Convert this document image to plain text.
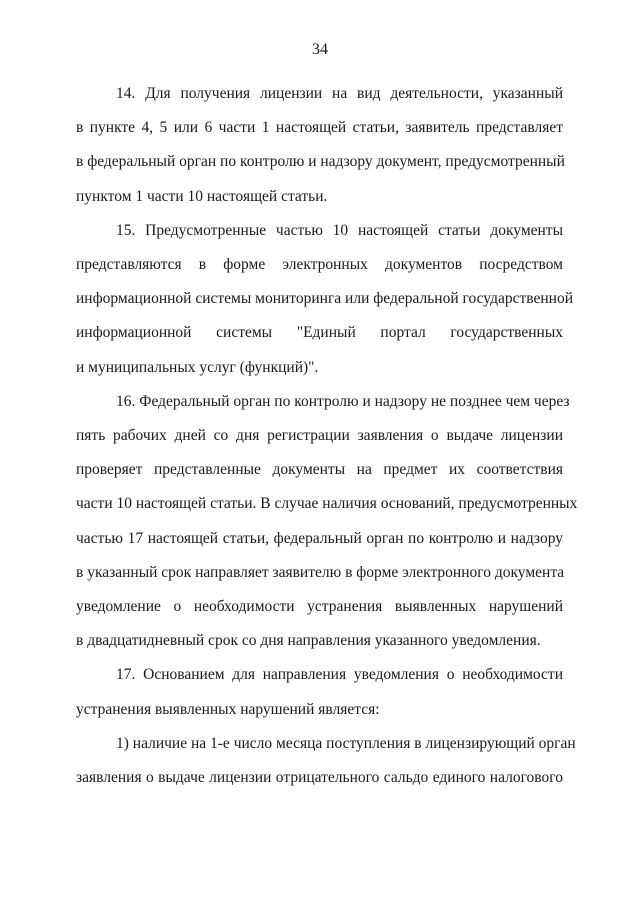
34
14. Для получения лицензии на вид деятельности, указанный
в пункте 4, 5 или 6 части 1 настоящей статьи, заявитель представляет
в федеральный орган по контролю и надзору документ, предусмотренный
пунктом 1 части 10 настоящей статьи.
15. Предусмотренные частью 10 настоящей статьи документы
представляются в форме электронных документов посредством
информационной системы мониторинга или федеральной государственной
информационной системы "Единый портал государственных
и муниципальных услуг (функций)".
16. Федеральный орган по контролю и надзору не позднее чем через
пять рабочих дней со дня регистрации заявления о выдаче лицензии
проверяет представленные документы на предмет их соответствия
части 10 настоящей статьи. В случае наличия оснований, предусмотренных
частью 17 настоящей статьи, федеральный орган по контролю и надзору
в указанный срок направляет заявителю в форме электронного документа
уведомление о необходимости устранения выявленных нарушений
в двадцатидневный срок со дня направления указанного уведомления.
17. Основанием для направления уведомления о необходимости
устранения выявленных нарушений является:
1) наличие на 1-е число месяца поступления в лицензирующий орган
заявления о выдаче лицензии отрицательного сальдо единого налогового
